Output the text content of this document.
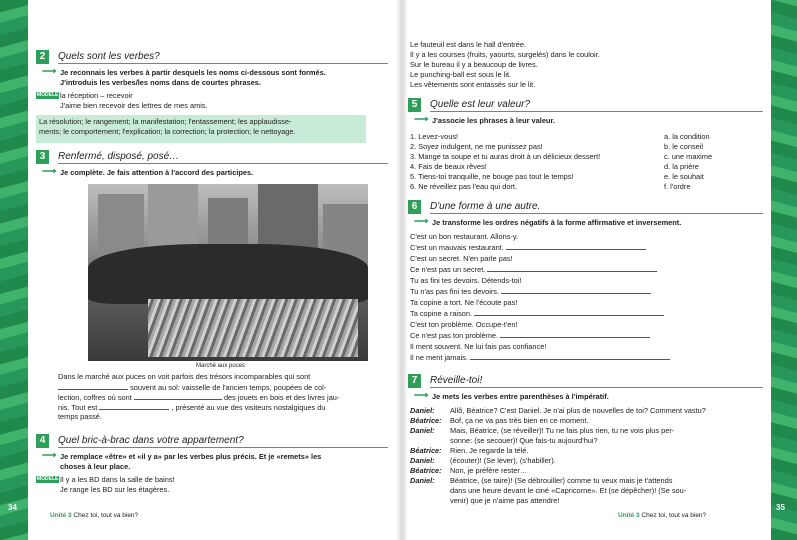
2	Quels sont les verbes?
⟶ Je reconnais les verbes à partir desquels les noms ci-dessous sont formés.
J'introduis les verbes/les noms dans de courtes phrases.
MODÈLE la réception – recevoir
J'aime bien recevoir des lettres de mes amis.
La résolution; le rangement; la manifestation; l'entassement; les applaudisse-
ments; le comportement; l'explication; la correction; la protection; le nettoyage.
3	Renfermé, disposé, posé…
⟶ Je complète. Je fais attention à l'accord des participes.
Marché aux puces
Dans le marché aux puces on voit parfois des trésors incomparables qui sont
souvent au sol: vaisselle de l'ancien temps, poupées de col-
lection, coffres où sont	des jouets en bois et des livres jau-
nis. Tout est	, présenté au vue des visiteurs nostalgiques du
temps passé.
4	Quel bric-à-brac dans votre appartement?
⟶ Je remplace «être» et «il y a» par les verbes plus précis. Et je «remets» les
choses à leur place.
MODÈLE Il y a les BD dans la salle de bains!
Je range les BD sur les étagères.
Unité 3 Chez toi, tout va bien?
34
Le fauteuil est dans le hall d'entrée.
Il y a les courses (fruits, yaourts, surgelés) dans le couloir.
Sur le bureau il y a beaucoup de livres.
Le punching-ball est sous le lit.
Les vêtements sont entassés sur le lit.
5	Quelle est leur valeur?
⟶ J'associe les phrases à leur valeur.
1. Levez-vous!
2. Soyez indulgent, ne me punissez pas!
3. Mange ta soupe et tu auras droit à un délicieux dessert!
4. Fais de beaux rêves!
5. Tiens-toi tranquille, ne bouge pas tout le temps!
6. Ne réveillez pas l'eau qui dort.
a. la condition
b. le conseil
c. une maxime
d. la prière
e. le souhait
f. l'ordre
6	D'une forme à une autre.
⟶ Je transforme les ordres négatifs à la forme affirmative et inversement.
C'est un bon restaurant. Allons-y.
C'est un mauvais restaurant.
C'est un secret. N'en parle pas!
Ce n'est pas un secret.
Tu as fini tes devoirs. Détends-toi!
Tu n'as pas fini tes devoirs.
Ta copine a tort. Ne l'écoute pas!
Ta copine a raison.
C'est ton problème. Occupe-t'en!
Ce n'est pas ton problème.
Il ment souvent. Ne lui fais pas confiance!
Il ne ment jamais.
7	Réveille-toi!
⟶ Je mets les verbes entre parenthèses à l'impératif.
Daniel: Allô, Béatrice? C'est Daniel. Je n'ai plus de nouvelles de toi? Comment vastu?
Béatrice: Bof, ça ne va pas très bien en ce moment.
Daniel: Mais, Béatrice, (se réveiller)! Tu ne fais plus rien, tu ne vois plus per-
sonne: (se secouer)! Que fais-tu aujourd'hui?
Béatrice: Rien. Je regarde la télé.
Daniel: (écouter)! (Se lever), (s'habiller).
Béatrice: Non, je préfère rester…
Daniel: Béatrice, (se taire)! (Se débrouiller) comme tu veux mais je t'attends
dans une heure devant le ciné «Capricorne». Et (se dépêcher)! (Se sou-
venir) que je n'aime pas attendre!
Unité 3 Chez toi, tout va bien?
35
